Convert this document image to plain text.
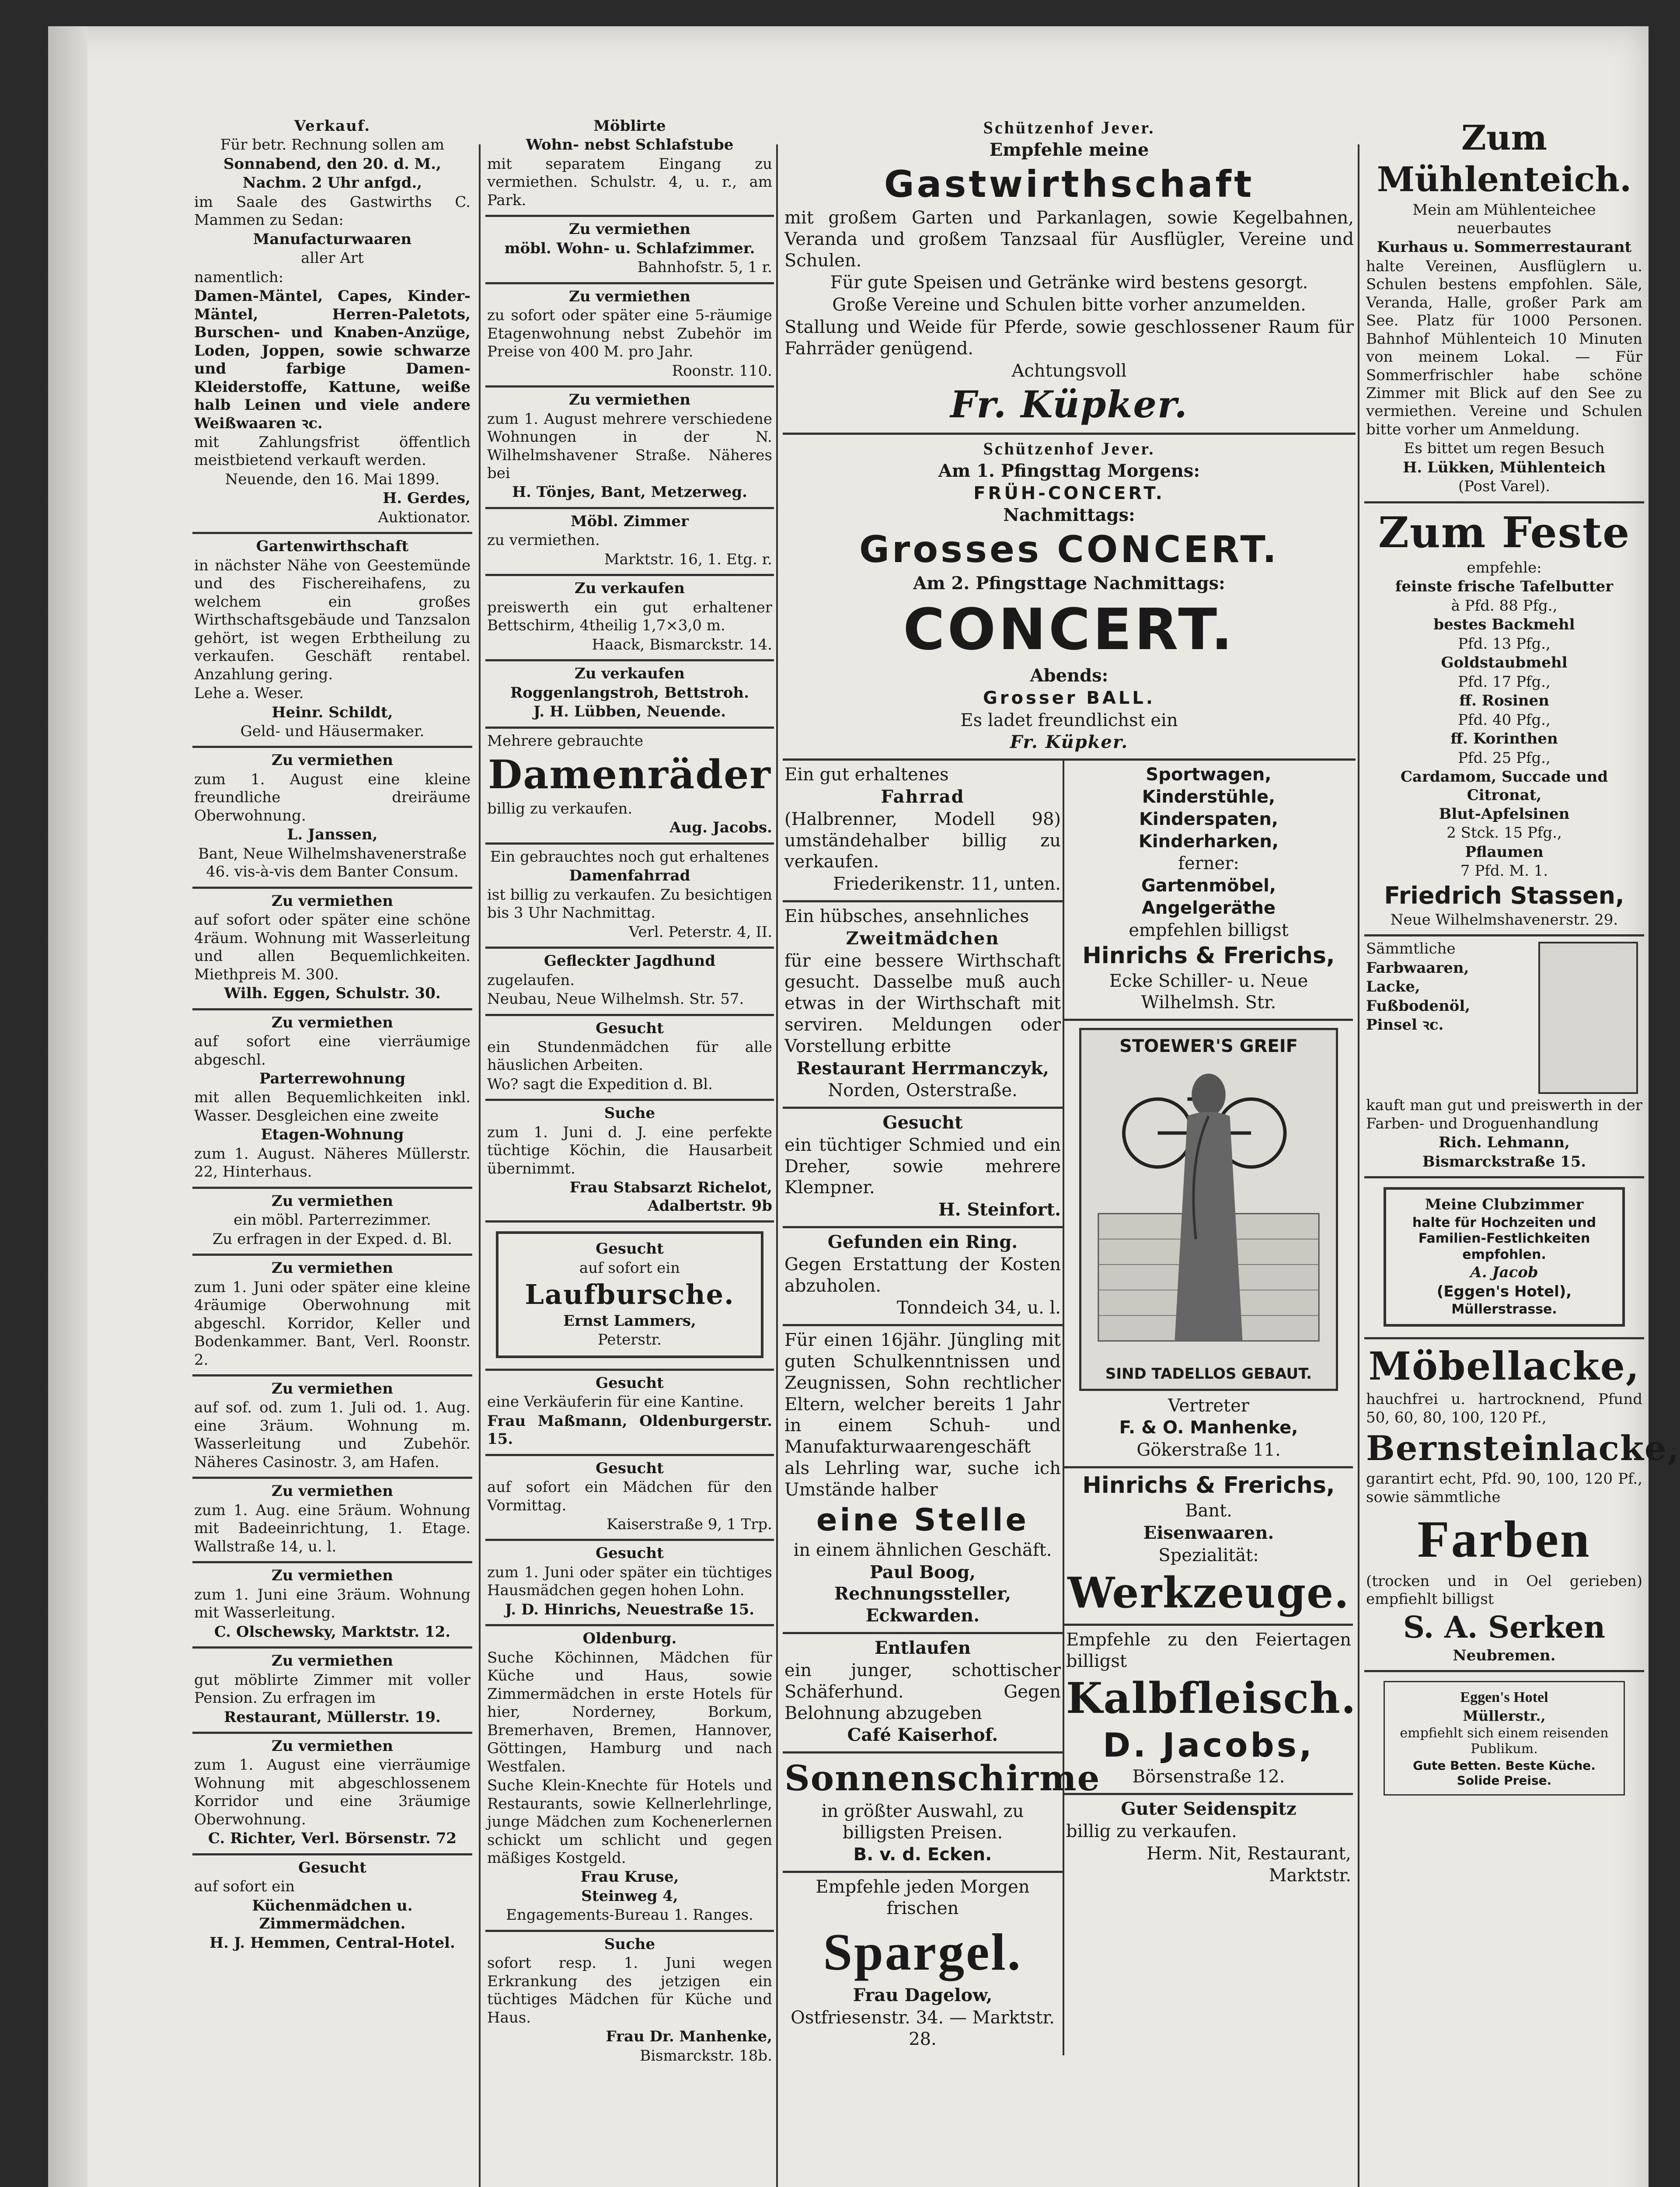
Verkauf.

Für betr. Rechnung sollen am

Sonnabend, den 20. d. M.,

Nachm. 2 Uhr anfgd.,

im Saale des Gastwirths C. Mammen zu Sedan:

Manufacturwaaren

aller Art

namentlich:

Damen-Mäntel, Capes, Kinder-Mäntel, Herren-Paletots, Burschen- und Knaben-Anzüge, Loden, Joppen, sowie schwarze und farbige Damen-Kleiderstoffe, Kattune, weiße halb Leinen und viele andere Weißwaaren ꝛc.

mit Zahlungsfrist öffentlich meistbietend verkauft werden.

Neuende, den 16. Mai 1899.

H. Gerdes,

Auktionator.

Gartenwirthschaft

in nächster Nähe von Geestemünde und des Fischereihafens, zu welchem ein großes Wirthschaftsgebäude und Tanzsalon gehört, ist wegen Erbtheilung zu verkaufen. Geschäft rentabel. Anzahlung gering.

Lehe a. Weser.

Heinr. Schildt,

Geld- und Häusermaker.

Zu vermiethen

zum 1. August eine kleine freundliche dreiräume Oberwohnung.

L. Janssen,

Bant, Neue Wilhelmshavenerstraße 46. vis-à-vis dem Banter Consum.

Zu vermiethen

auf sofort oder später eine schöne 4räum. Wohnung mit Wasserleitung und allen Bequemlichkeiten. Miethpreis M. 300.

Wilh. Eggen, Schulstr. 30.

Zu vermiethen

auf sofort eine vierräumige abgeschl.

Parterrewohnung

mit allen Bequemlichkeiten inkl. Wasser. Desgleichen eine zweite

Etagen-Wohnung

zum 1. August. Näheres Müllerstr. 22, Hinterhaus.

Zu vermiethen

ein möbl. Parterrezimmer.

Zu erfragen in der Exped. d. Bl.

Zu vermiethen

zum 1. Juni oder später eine kleine 4räumige Oberwohnung mit abgeschl. Korridor, Keller und Bodenkammer. Bant, Verl. Roonstr. 2.

Zu vermiethen

auf sof. od. zum 1. Juli od. 1. Aug. eine 3räum. Wohnung m. Wasserleitung und Zubehör. Näheres Casinostr. 3, am Hafen.

Zu vermiethen

zum 1. Aug. eine 5räum. Wohnung mit Badeeinrichtung, 1. Etage. Wallstraße 14, u. l.

Zu vermiethen

zum 1. Juni eine 3räum. Wohnung mit Wasserleitung.

C. Olschewsky, Marktstr. 12.

Zu vermiethen

gut möblirte Zimmer mit voller Pension. Zu erfragen im

Restaurant, Müllerstr. 19.

Zu vermiethen

zum 1. August eine vierräumige Wohnung mit abgeschlossenem Korridor und eine 3räumige Oberwohnung.

C. Richter, Verl. Börsenstr. 72

Gesucht

auf sofort ein

Küchenmädchen u. Zimmermädchen.

H. J. Hemmen, Central-Hotel.

Möblirte

Wohn- nebst Schlafstube

mit separatem Eingang zu vermiethen. Schulstr. 4, u. r., am Park.

Zu vermiethen

möbl. Wohn- u. Schlafzimmer.

Bahnhofstr. 5, 1 r.

Zu vermiethen

zu sofort oder später eine 5-räumige Etagenwohnung nebst Zubehör im Preise von 400 M. pro Jahr.

Roonstr. 110.

Zu vermiethen

zum 1. August mehrere verschiedene Wohnungen in der N. Wilhelmshavener Straße. Näheres bei

H. Tönjes, Bant, Metzerweg.

Möbl. Zimmer

zu vermiethen.

Marktstr. 16, 1. Etg. r.

Zu verkaufen

preiswerth ein gut erhaltener Bettschirm, 4theilig 1,7×3,0 m.

Haack, Bismarckstr. 14.

Zu verkaufen

Roggenlangstroh, Bettstroh.

J. H. Lübben, Neuende.

Mehrere gebrauchte

Damenräder

billig zu verkaufen.

Aug. Jacobs.

Ein gebrauchtes noch gut erhaltenes

Damenfahrrad

ist billig zu verkaufen. Zu besichtigen bis 3 Uhr Nachmittag.

Verl. Peterstr. 4, II.

Gefleckter Jagdhund

zugelaufen.

Neubau, Neue Wilhelmsh. Str. 57.

Gesucht

ein Stundenmädchen für alle häuslichen Arbeiten.

Wo? sagt die Expedition d. Bl.

Suche

zum 1. Juni d. J. eine perfekte tüchtige Köchin, die Hausarbeit übernimmt.

Frau Stabsarzt Richelot, Adalbertstr. 9b

Gesucht

auf sofort ein

Laufbursche.

Ernst Lammers,

Peterstr.

Gesucht

eine Verkäuferin für eine Kantine.

Frau Maßmann, Oldenburgerstr. 15.

Gesucht

auf sofort ein Mädchen für den Vormittag.

Kaiserstraße 9, 1 Trp.

Gesucht

zum 1. Juni oder später ein tüchtiges Hausmädchen gegen hohen Lohn.

J. D. Hinrichs, Neuestraße 15.

Oldenburg.

Suche Köchinnen, Mädchen für Küche und Haus, sowie Zimmermädchen in erste Hotels für hier, Norderney, Borkum, Bremerhaven, Bremen, Hannover, Göttingen, Hamburg und nach Westfalen.

Suche Klein-Knechte für Hotels und Restaurants, sowie Kellnerlehrlinge, junge Mädchen zum Kochenerlernen schickt um schlicht und gegen mäßiges Kostgeld.

Frau Kruse,

Steinweg 4,

Engagements-Bureau 1. Ranges.

Suche

sofort resp. 1. Juni wegen Erkrankung des jetzigen ein tüchtiges Mädchen für Küche und Haus.

Frau Dr. Manhenke,

Bismarckstr. 18b.

Schützenhof Jever.

Empfehle meine

Gastwirthschaft

mit großem Garten und Parkanlagen, sowie Kegelbahnen, Veranda und großem Tanzsaal für Ausflügler, Vereine und Schulen.

Für gute Speisen und Getränke wird bestens gesorgt.

Große Vereine und Schulen bitte vorher anzumelden.

Stallung und Weide für Pferde, sowie geschlossener Raum für Fahrräder genügend.

Achtungsvoll

Fr. Küpker.

Schützenhof Jever.

Am 1. Pfingsttag Morgens:

FRÜH-CONCERT.

Nachmittags:

Grosses CONCERT.

Am 2. Pfingsttage Nachmittags:

CONCERT.

Abends:

Grosser BALL.

Es ladet freundlichst ein

Fr. Küpker.

Ein gut erhaltenes

Fahrrad

(Halbrenner, Modell 98) umständehalber billig zu verkaufen.

Friederikenstr. 11, unten.

Ein hübsches, ansehnliches

Zweitmädchen

für eine bessere Wirthschaft gesucht. Dasselbe muß auch etwas in der Wirthschaft mit serviren. Meldungen oder Vorstellung erbitte

Restaurant Herrmanczyk,

Norden, Osterstraße.

Gesucht

ein tüchtiger Schmied und ein Dreher, sowie mehrere Klempner.

H. Steinfort.

Gefunden ein Ring.

Gegen Erstattung der Kosten abzuholen.

Tonndeich 34, u. l.

Für einen 16jähr. Jüngling mit guten Schulkenntnissen und Zeugnissen, Sohn rechtlicher Eltern, welcher bereits 1 Jahr in einem Schuh- und Manufakturwaarengeschäft als Lehrling war, suche ich Umstände halber

eine Stelle

in einem ähnlichen Geschäft.

Paul Boog, Rechnungssteller,

Eckwarden.

Entlaufen

ein junger, schottischer Schäferhund. Gegen Belohnung abzugeben

Café Kaiserhof.

Sonnenschirme

in größter Auswahl, zu billigsten Preisen.

B. v. d. Ecken.

Empfehle jeden Morgen frischen

Spargel.

Frau Dagelow,

Ostfriesenstr. 34. — Marktstr. 28.

Sportwagen,

Kinderstühle,

Kinderspaten,

Kinderharken,

ferner:

Gartenmöbel,

Angelgeräthe

empfehlen billigst

Hinrichs & Frerichs,

Ecke Schiller- u. Neue Wilhelmsh. Str.

STOEWER'S GREIF
SIND TADELLOS GEBAUT.

Vertreter

F. & O. Manhenke,

Gökerstraße 11.

Hinrichs & Frerichs,

Bant.

Eisenwaaren.

Spezialität:

Werkzeuge.

Empfehle zu den Feiertagen billigst

Kalbfleisch.

D. Jacobs,

Börsenstraße 12.

Guter Seidenspitz

billig zu verkaufen.

Herm. Nit, Restaurant,

Marktstr.

Zum Mühlenteich.

Mein am Mühlenteichee neuerbautes

Kurhaus u. Sommerrestaurant

halte Vereinen, Ausflüglern u. Schulen bestens empfohlen. Säle, Veranda, Halle, großer Park am See. Platz für 1000 Personen. Bahnhof Mühlenteich 10 Minuten von meinem Lokal. — Für Sommerfrischler habe schöne Zimmer mit Blick auf den See zu vermiethen. Vereine und Schulen bitte vorher um Anmeldung.

Es bittet um regen Besuch

H. Lükken, Mühlenteich

(Post Varel).

Zum Feste

empfehle:

feinste frische Tafelbutter

à Pfd. 88 Pfg.,

bestes Backmehl

Pfd. 13 Pfg.,

Goldstaubmehl

Pfd. 17 Pfg.,

ff. Rosinen

Pfd. 40 Pfg.,

ff. Korinthen

Pfd. 25 Pfg.,

Cardamom, Succade und Citronat,

Blut-Apfelsinen

2 Stck. 15 Pfg.,

Pflaumen

7 Pfd. M. 1.

Friedrich Stassen,

Neue Wilhelmshavenerstr. 29.

Sämmtliche

Farbwaaren,

Lacke,

Fußbodenöl,

Pinsel ꝛc.

kauft man gut und preiswerth in der Farben- und Droguenhandlung

Rich. Lehmann,

Bismarckstraße 15.

Meine Clubzimmer

halte für Hochzeiten und Familien-Festlichkeiten empfohlen.

A. Jacob

(Eggen's Hotel),

Müllerstrasse.

Möbellacke,

hauchfrei u. hartrocknend, Pfund 50, 60, 80, 100, 120 Pf.,

Bernsteinlacke,

garantirt echt, Pfd. 90, 100, 120 Pf., sowie sämmtliche

Farben

(trocken und in Oel gerieben) empfiehlt billigst

S. A. Serken

Neubremen.

Eggen's Hotel

Müllerstr.,

empfiehlt sich einem reisenden Publikum.

Gute Betten. Beste Küche. Solide Preise.
